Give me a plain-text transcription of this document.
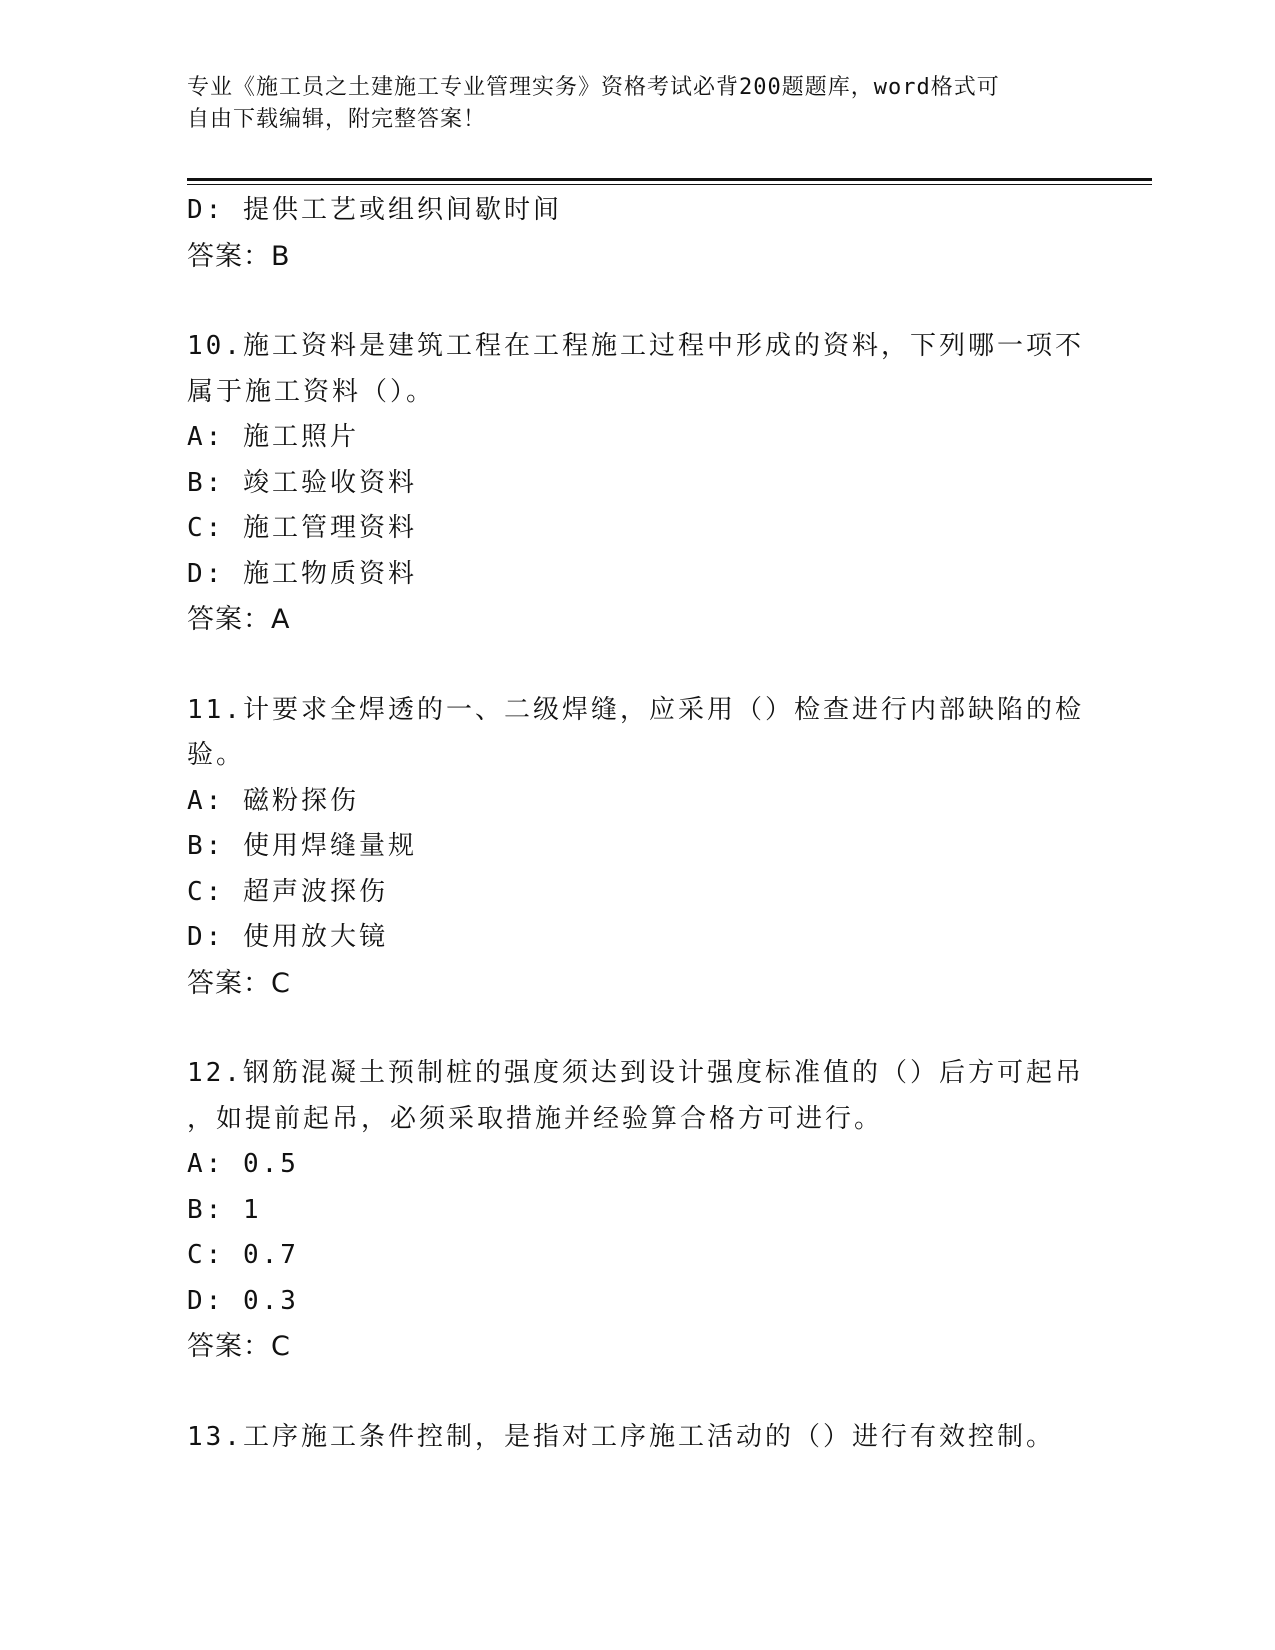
专业《施工员之土建施工专业管理实务》资格考试必背200题题库，word格式可
自由下载编辑，附完整答案！
D: 提供工艺或组织间歇时间
答案：B
10.施工资料是建筑工程在工程施工过程中形成的资料，下列哪一项不
属于施工资料（）。
A: 施工照片
B: 竣工验收资料
C: 施工管理资料
D: 施工物质资料
答案：A
11.计要求全焊透的一、二级焊缝，应采用（）检查进行内部缺陷的检
验。
A: 磁粉探伤
B: 使用焊缝量规
C: 超声波探伤
D: 使用放大镜
答案：C
12.钢筋混凝土预制桩的强度须达到设计强度标准值的（）后方可起吊
，如提前起吊，必须采取措施并经验算合格方可进行。
A: 0.5
B: 1
C: 0.7
D: 0.3
答案：C
13.工序施工条件控制，是指对工序施工活动的（）进行有效控制。
